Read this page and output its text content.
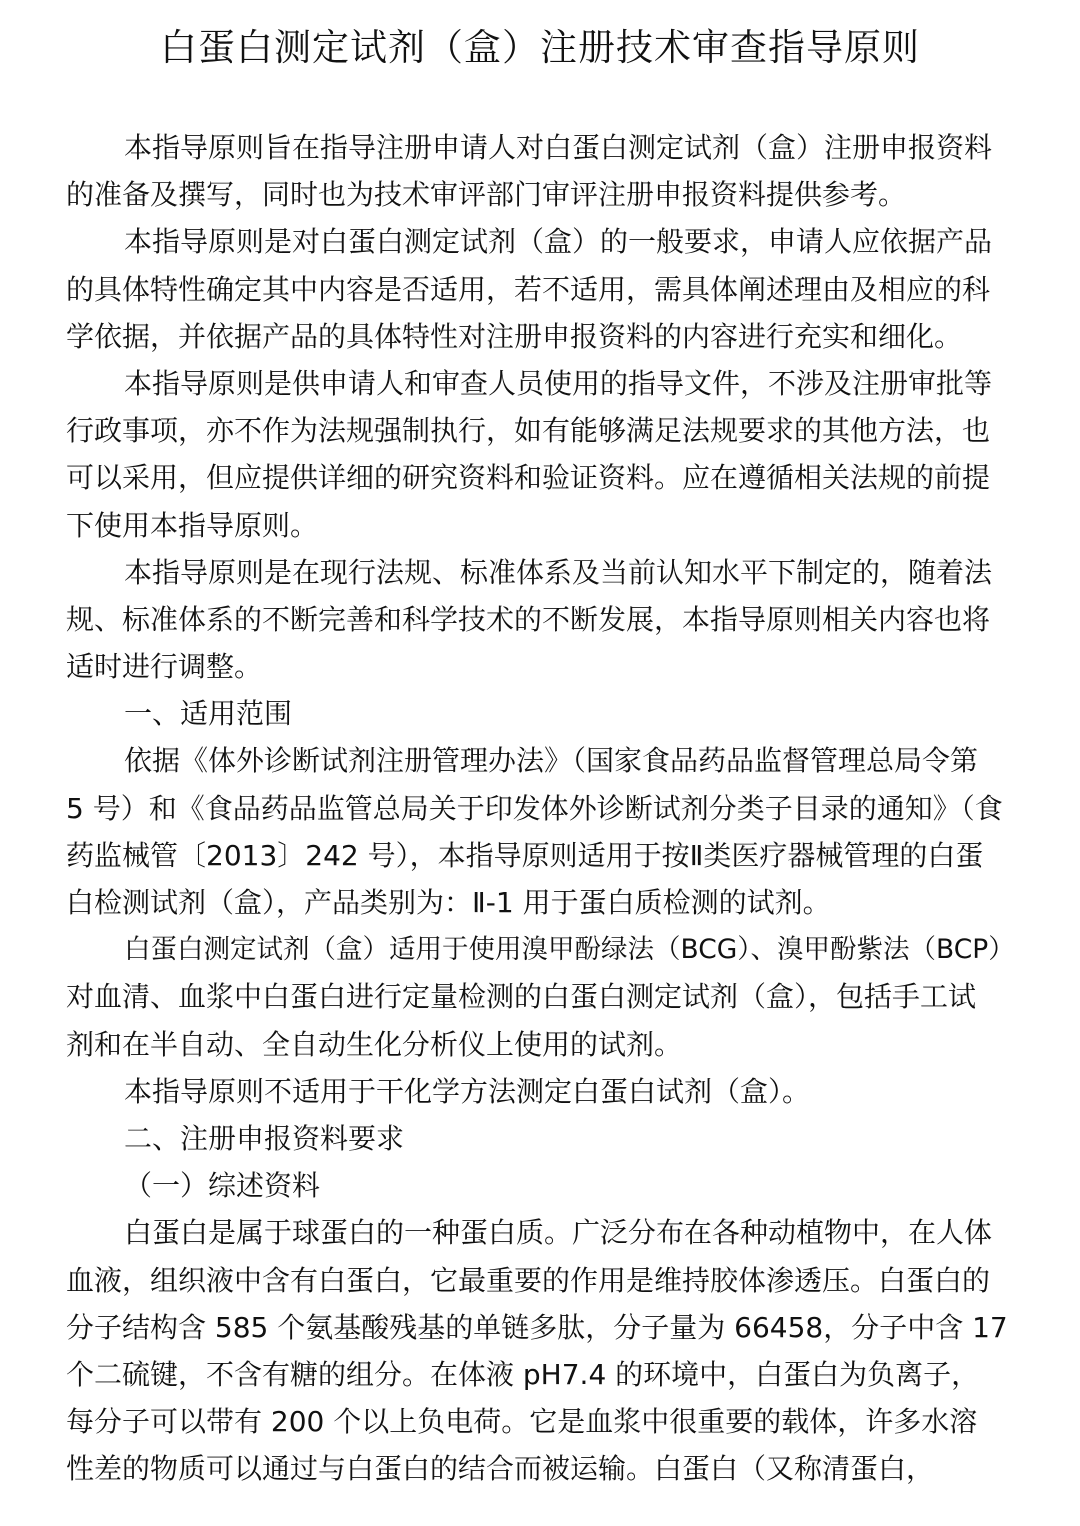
白蛋白测定试剂（盒）注册技术审查指导原则
本指导原则旨在指导注册申请人对白蛋白测定试剂（盒）注册申报资料
的准备及撰写，同时也为技术审评部门审评注册申报资料提供参考。
本指导原则是对白蛋白测定试剂（盒）的一般要求，申请人应依据产品
的具体特性确定其中内容是否适用，若不适用，需具体阐述理由及相应的科
学依据，并依据产品的具体特性对注册申报资料的内容进行充实和细化。
本指导原则是供申请人和审查人员使用的指导文件，不涉及注册审批等
行政事项，亦不作为法规强制执行，如有能够满足法规要求的其他方法，也
可以采用，但应提供详细的研究资料和验证资料。应在遵循相关法规的前提
下使用本指导原则。
本指导原则是在现行法规、标准体系及当前认知水平下制定的，随着法
规、标准体系的不断完善和科学技术的不断发展，本指导原则相关内容也将
适时进行调整。
一、适用范围
依据《体外诊断试剂注册管理办法》（国家食品药品监督管理总局令第
5 号）和《食品药品监管总局关于印发体外诊断试剂分类子目录的通知》（食
药监械管〔2013〕242 号），本指导原则适用于按Ⅱ类医疗器械管理的白蛋
白检测试剂（盒），产品类别为：Ⅱ-1 用于蛋白质检测的试剂。
白蛋白测定试剂（盒）适用于使用溴甲酚绿法（BCG）、溴甲酚紫法（BCP）
对血清、血浆中白蛋白进行定量检测的白蛋白测定试剂（盒），包括手工试
剂和在半自动、全自动生化分析仪上使用的试剂。
本指导原则不适用于干化学方法测定白蛋白试剂（盒）。
二、注册申报资料要求
（一）综述资料
白蛋白是属于球蛋白的一种蛋白质。广泛分布在各种动植物中，在人体
血液，组织液中含有白蛋白，它最重要的作用是维持胶体渗透压。白蛋白的
分子结构含 585 个氨基酸残基的单链多肽，分子量为 66458，分子中含 17
个二硫键，不含有糖的组分。在体液 pH7.4 的环境中，白蛋白为负离子，
每分子可以带有 200 个以上负电荷。它是血浆中很重要的载体，许多水溶
性差的物质可以通过与白蛋白的结合而被运输。白蛋白（又称清蛋白，
